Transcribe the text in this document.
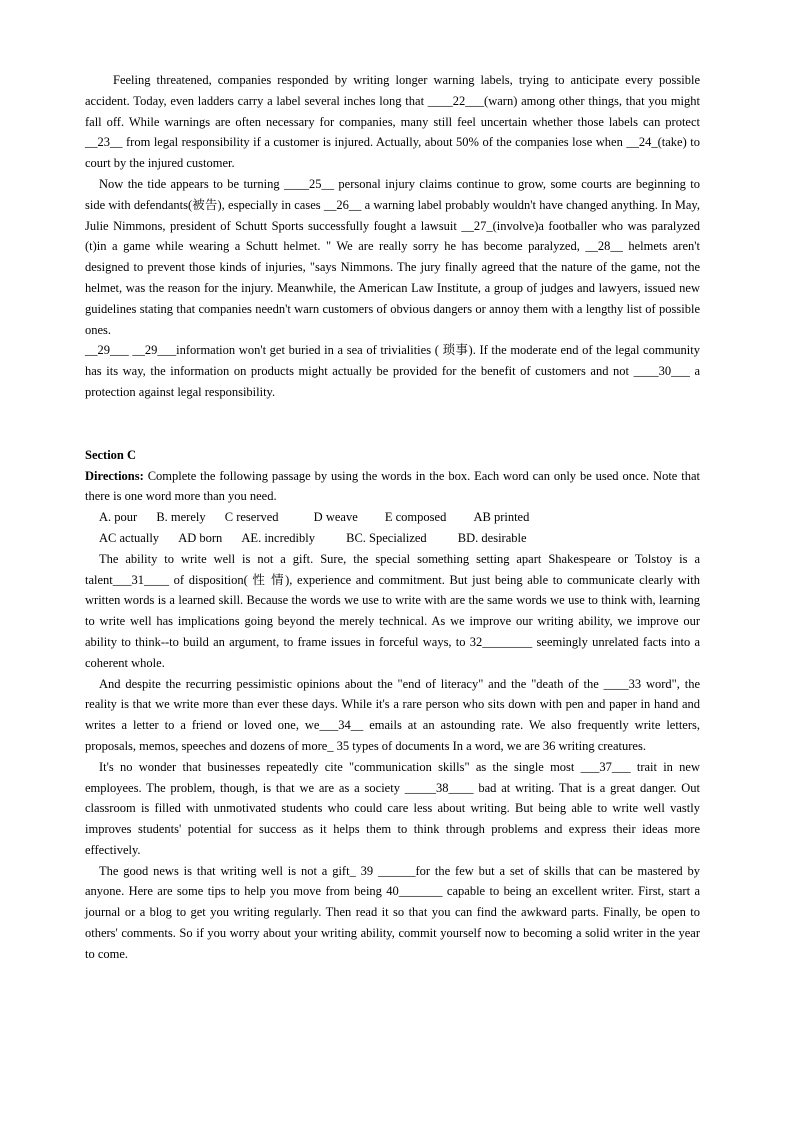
Feeling threatened, companies responded by writing longer warning labels, trying to anticipate every possible accident. Today, even ladders carry a label several inches long that ____22___(warn) among other things, that you might fall off. While warnings are often necessary for companies, many still feel uncertain whether those labels can protect __23__ from legal responsibility if a customer is injured. Actually, about 50% of the companies lose when __24_(take) to court by the injured customer.

Now the tide appears to be turning ____25__ personal injury claims continue to grow, some courts are beginning to side with defendants(被告), especially in cases __26__ a warning label probably wouldn't have changed anything. In May, Julie Nimmons, president of Schutt Sports successfully fought a lawsuit __27_(involve)a footballer who was paralyzed (t)in a game while wearing a Schutt helmet. " We are really sorry he has become paralyzed, __28__ helmets aren't designed to prevent those kinds of injuries, "says Nimmons. The jury finally agreed that the nature of the game, not the helmet, was the reason for the injury. Meanwhile, the American Law Institute, a group of judges and lawyers, issued new guidelines stating that companies needn't warn customers of obvious dangers or annoy them with a lengthy list of possible ones.

__29___ __29___information won't get buried in a sea of trivialities ( 琐事). If the moderate end of the legal community has its way, the information on products might actually be provided for the benefit of customers and not ____30___ a protection against legal responsibility.

Section C

Directions: Complete the following passage by using the words in the box. Each word can only be used once. Note that there is one word more than you need.

A. pour B. merely C reserved	D weave E composed AB printed
AC actually AD born AE. incredibly BC. Specialized BD. desirable

The ability to write well is not a gift. Sure, the special something setting apart Shakespeare or Tolstoy is a talent___31____ of disposition( 性 情), experience and commitment. But just being able to communicate clearly with written words is a learned skill. Because the words we use to write with are the same words we use to think with, learning to write well has implications going beyond the merely technical. As we improve our writing ability, we improve our ability to think--to build an argument, to frame issues in forceful ways, to 32________ seemingly unrelated facts into a coherent whole.

And despite the recurring pessimistic opinions about the "end of literacy" and the "death of the ____33 word", the reality is that we write more than ever these days. While it's a rare person who sits down with pen and paper in hand and writes a letter to a friend or loved one, we___34__ emails at an astounding rate. We also frequently write letters, proposals, memos, speeches and dozens of more_ 35 types of documents In a word, we are 36 writing creatures.

It's no wonder that businesses repeatedly cite "communication skills" as the single most ___37___ trait in new employees. The problem, though, is that we are as a society _____38____ bad at writing. That is a great danger. Out classroom is filled with unmotivated students who could care less about writing. But being able to write well vastly improves students' potential for success as it helps them to think through problems and express their ideas more effectively.

The good news is that writing well is not a gift_ 39 ______for the few but a set of skills that can be mastered by anyone. Here are some tips to help you move from being 40_______ capable to being an excellent writer. First, start a journal or a blog to get you writing regularly. Then read it so that you can find the awkward parts. Finally, be open to others' comments. So if you worry about your writing ability, commit yourself now to becoming a solid writer in the year to come.
